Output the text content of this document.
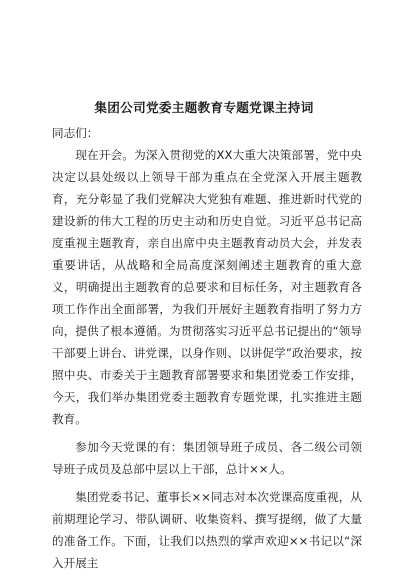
集团公司党委主题教育专题党课主持词

同志们：

现在开会。为深入贯彻党的XX大重大决策部署，党中央决定以县处级以上领导干部为重点在全党深入开展主题教育，充分彰显了我们党解决大党独有难题、推进新时代党的建设新的伟大工程的历史主动和历史自觉。习近平总书记高度重视主题教育，亲自出席中央主题教育动员大会，并发表重要讲话，从战略和全局高度深刻阐述主题教育的重大意义，明确提出主题教育的总要求和目标任务，对主题教育各项工作作出全面部署，为我们开展好主题教育指明了努力方向，提供了根本遵循。为贯彻落实习近平总书记提出的“领导干部要上讲台、讲党课，以身作则、以讲促学”政治要求，按照中央、市委关于主题教育部署要求和集团党委工作安排，今天，我们举办集团党委主题教育专题党课，扎实推进主题教育。

参加今天党课的有：集团领导班子成员、各二级公司领导班子成员及总部中层以上干部，总计××人。

集团党委书记、董事长××同志对本次党课高度重视，从前期理论学习、带队调研、收集资料、撰写提纲，做了大量的准备工作。下面，让我们以热烈的掌声欢迎××书记以“深入开展主
